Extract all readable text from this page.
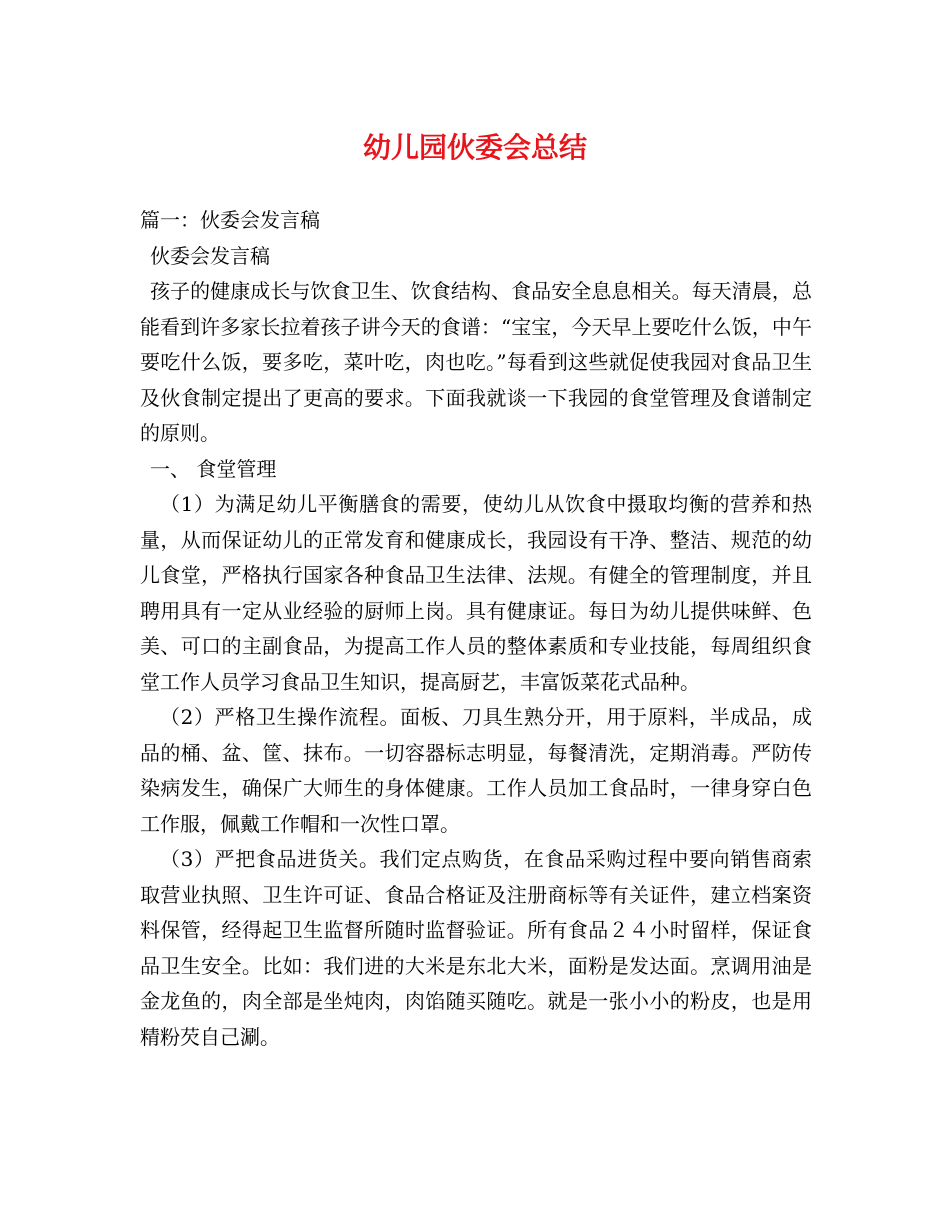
幼儿园伙委会总结

篇一：伙委会发言稿

伙委会发言稿

孩子的健康成长与饮食卫生、饮食结构、食品安全息息相关。每天清晨，总能看到许多家长拉着孩子讲今天的食谱：“宝宝，今天早上要吃什么饭，中午要吃什么饭，要多吃，菜叶吃，肉也吃。”每看到这些就促使我园对食品卫生及伙食制定提出了更高的要求。下面我就谈一下我园的食堂管理及食谱制定的原则。

一、 食堂管理

（1）为满足幼儿平衡膳食的需要，使幼儿从饮食中摄取均衡的营养和热量，从而保证幼儿的正常发育和健康成长，我园设有干净、整洁、规范的幼儿食堂，严格执行国家各种食品卫生法律、法规。有健全的管理制度，并且聘用具有一定从业经验的厨师上岗。具有健康证。每日为幼儿提供味鲜、色美、可口的主副食品，为提高工作人员的整体素质和专业技能，每周组织食堂工作人员学习食品卫生知识，提高厨艺，丰富饭菜花式品种。

（2）严格卫生操作流程。面板、刀具生熟分开，用于原料，半成品，成品的桶、盆、筐、抹布。一切容器标志明显，每餐清洗，定期消毒。严防传染病发生，确保广大师生的身体健康。工作人员加工食品时，一律身穿白色工作服，佩戴工作帽和一次性口罩。

（3）严把食品进货关。我们定点购货，在食品采购过程中要向销售商索取营业执照、卫生许可证、食品合格证及注册商标等有关证件，建立档案资料保管，经得起卫生监督所随时监督验证。所有食品２４小时留样，保证食品卫生安全。比如：我们进的大米是东北大米，面粉是发达面。烹调用油是金龙鱼的，肉全部是坐炖肉，肉馅随买随吃。就是一张小小的粉皮，也是用精粉芡自己涮。
